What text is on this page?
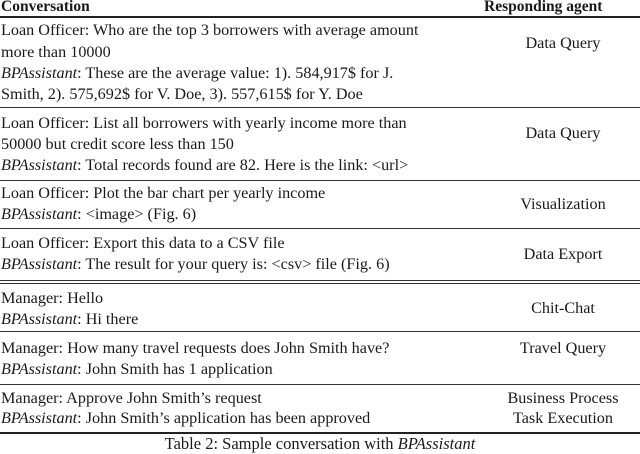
Conversation	Responding agent
Loan Officer: Who are the top 3 borrowers with average amount
more than 10000
BPAssistant: These are the average value: 1). 584,917$ for J.
Smith, 2). 575,692$ for V. Doe, 3). 557,615$ for Y. Doe
Data Query
Loan Officer: List all borrowers with yearly income more than
50000 but credit score less than 150
BPAssistant: Total records found are 82. Here is the link: <url>
Data Query
Loan Officer: Plot the bar chart per yearly income
BPAssistant: <image> (Fig. 6)
Visualization
Loan Officer: Export this data to a CSV file
BPAssistant: The result for your query is: <csv> file (Fig. 6)
Data Export
Manager: Hello
BPAssistant: Hi there
Chit-Chat
Manager: How many travel requests does John Smith have?
BPAssistant: John Smith has 1 application
Travel Query
Manager: Approve John Smith’s request
BPAssistant: John Smith’s application has been approved
Business Process
Task Execution
Table 2: Sample conversation with BPAssistant
